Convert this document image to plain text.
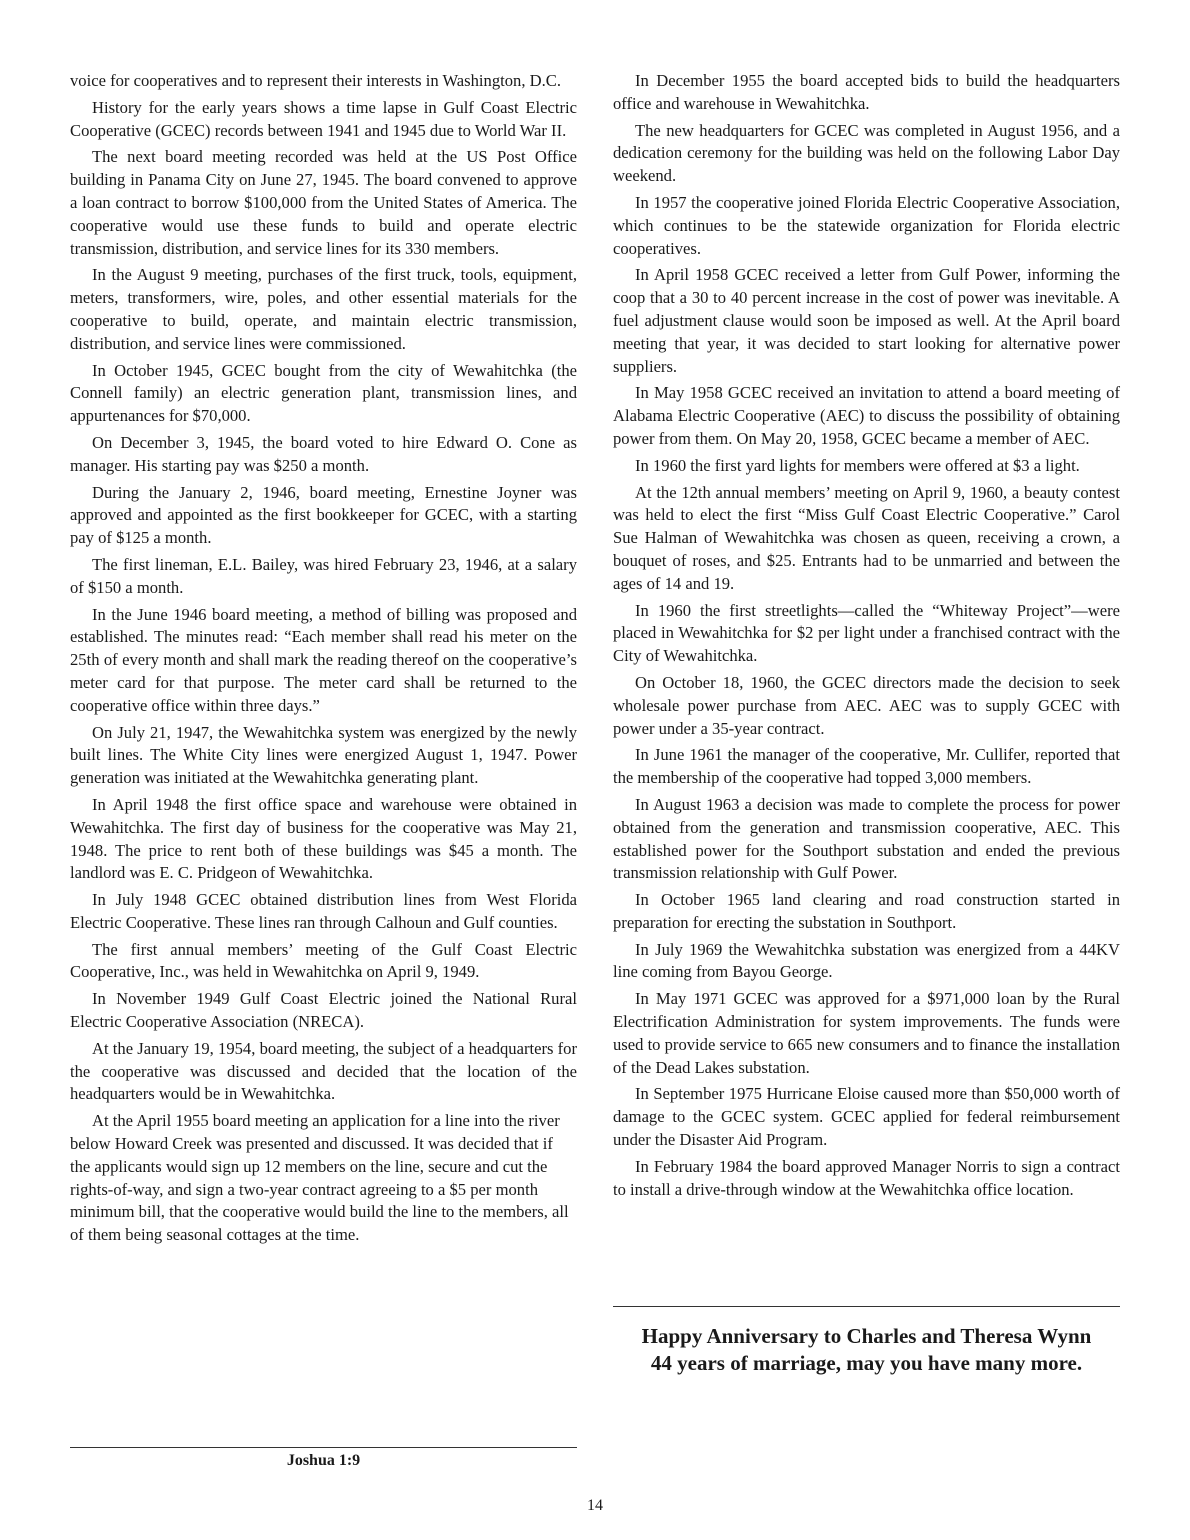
voice for cooperatives and to represent their interests in Washington, D.C.

History for the early years shows a time lapse in Gulf Coast Electric Cooperative (GCEC) records between 1941 and 1945 due to World War II.

The next board meeting recorded was held at the US Post Office building in Panama City on June 27, 1945. The board convened to approve a loan contract to borrow $100,000 from the United States of America. The cooperative would use these funds to build and operate electric transmission, distribution, and service lines for its 330 members.

In the August 9 meeting, purchases of the first truck, tools, equipment, meters, transformers, wire, poles, and other essential materials for the cooperative to build, operate, and maintain electric transmission, distribution, and service lines were commissioned.

In October 1945, GCEC bought from the city of Wewahitchka (the Connell family) an electric generation plant, transmission lines, and appurtenances for $70,000.

On December 3, 1945, the board voted to hire Edward O. Cone as manager. His starting pay was $250 a month.

During the January 2, 1946, board meeting, Ernestine Joyner was approved and appointed as the first bookkeeper for GCEC, with a starting pay of $125 a month.

The first lineman, E.L. Bailey, was hired February 23, 1946, at a salary of $150 a month.

In the June 1946 board meeting, a method of billing was proposed and established. The minutes read: “Each member shall read his meter on the 25th of every month and shall mark the reading thereof on the cooperative’s meter card for that purpose. The meter card shall be returned to the cooperative office within three days.”

On July 21, 1947, the Wewahitchka system was energized by the newly built lines. The White City lines were energized August 1, 1947. Power generation was initiated at the Wewahitchka generating plant.

In April 1948 the first office space and warehouse were obtained in Wewahitchka. The first day of business for the cooperative was May 21, 1948. The price to rent both of these buildings was $45 a month. The landlord was E. C. Pridgeon of Wewahitchka.

In July 1948 GCEC obtained distribution lines from West Florida Electric Cooperative. These lines ran through Calhoun and Gulf counties.

The first annual members’ meeting of the Gulf Coast Electric Cooperative, Inc., was held in Wewahitchka on April 9, 1949.

In November 1949 Gulf Coast Electric joined the National Rural Electric Cooperative Association (NRECA).

At the January 19, 1954, board meeting, the subject of a headquarters for the cooperative was discussed and decided that the location of the headquarters would be in Wewahitchka.

At the April 1955 board meeting an application for a line into the river below Howard Creek was presented and discussed. It was decided that if the applicants would sign up 12 members on the line, secure and cut the rights-of-way, and sign a two-year contract agreeing to a $5 per month minimum bill, that the cooperative would build the line to the members, all of them being seasonal cottages at the time.

In December 1955 the board accepted bids to build the headquarters office and warehouse in Wewahitchka.

The new headquarters for GCEC was completed in August 1956, and a dedication ceremony for the building was held on the following Labor Day weekend.

In 1957 the cooperative joined Florida Electric Cooperative Association, which continues to be the statewide organization for Florida electric cooperatives.

In April 1958 GCEC received a letter from Gulf Power, informing the coop that a 30 to 40 percent increase in the cost of power was inevitable. A fuel adjustment clause would soon be imposed as well. At the April board meeting that year, it was decided to start looking for alternative power suppliers.

In May 1958 GCEC received an invitation to attend a board meeting of Alabama Electric Cooperative (AEC) to discuss the possibility of obtaining power from them. On May 20, 1958, GCEC became a member of AEC.

In 1960 the first yard lights for members were offered at $3 a light.

At the 12th annual members’ meeting on April 9, 1960, a beauty contest was held to elect the first “Miss Gulf Coast Electric Cooperative.” Carol Sue Halman of Wewahitchka was chosen as queen, receiving a crown, a bouquet of roses, and $25. Entrants had to be unmarried and between the ages of 14 and 19.

In 1960 the first streetlights—called the “Whiteway Project”—were placed in Wewahitchka for $2 per light under a franchised contract with the City of Wewahitchka.

On October 18, 1960, the GCEC directors made the decision to seek wholesale power purchase from AEC. AEC was to supply GCEC with power under a 35-year contract.

In June 1961 the manager of the cooperative, Mr. Cullifer, reported that the membership of the cooperative had topped 3,000 members.

In August 1963 a decision was made to complete the process for power obtained from the generation and transmission cooperative, AEC. This established power for the Southport substation and ended the previous transmission relationship with Gulf Power.

In October 1965 land clearing and road construction started in preparation for erecting the substation in Southport.

In July 1969 the Wewahitchka substation was energized from a 44KV line coming from Bayou George.

In May 1971 GCEC was approved for a $971,000 loan by the Rural Electrification Administration for system improvements. The funds were used to provide service to 665 new consumers and to finance the installation of the Dead Lakes substation.

In September 1975 Hurricane Eloise caused more than $50,000 worth of damage to the GCEC system. GCEC applied for federal reimbursement under the Disaster Aid Program.

In February 1984 the board approved Manager Norris to sign a contract to install a drive-through window at the Wewahitchka office location.

Happy Anniversary to Charles and Theresa Wynn
44 years of marriage, may you have many more.
Joshua 1:9
14
